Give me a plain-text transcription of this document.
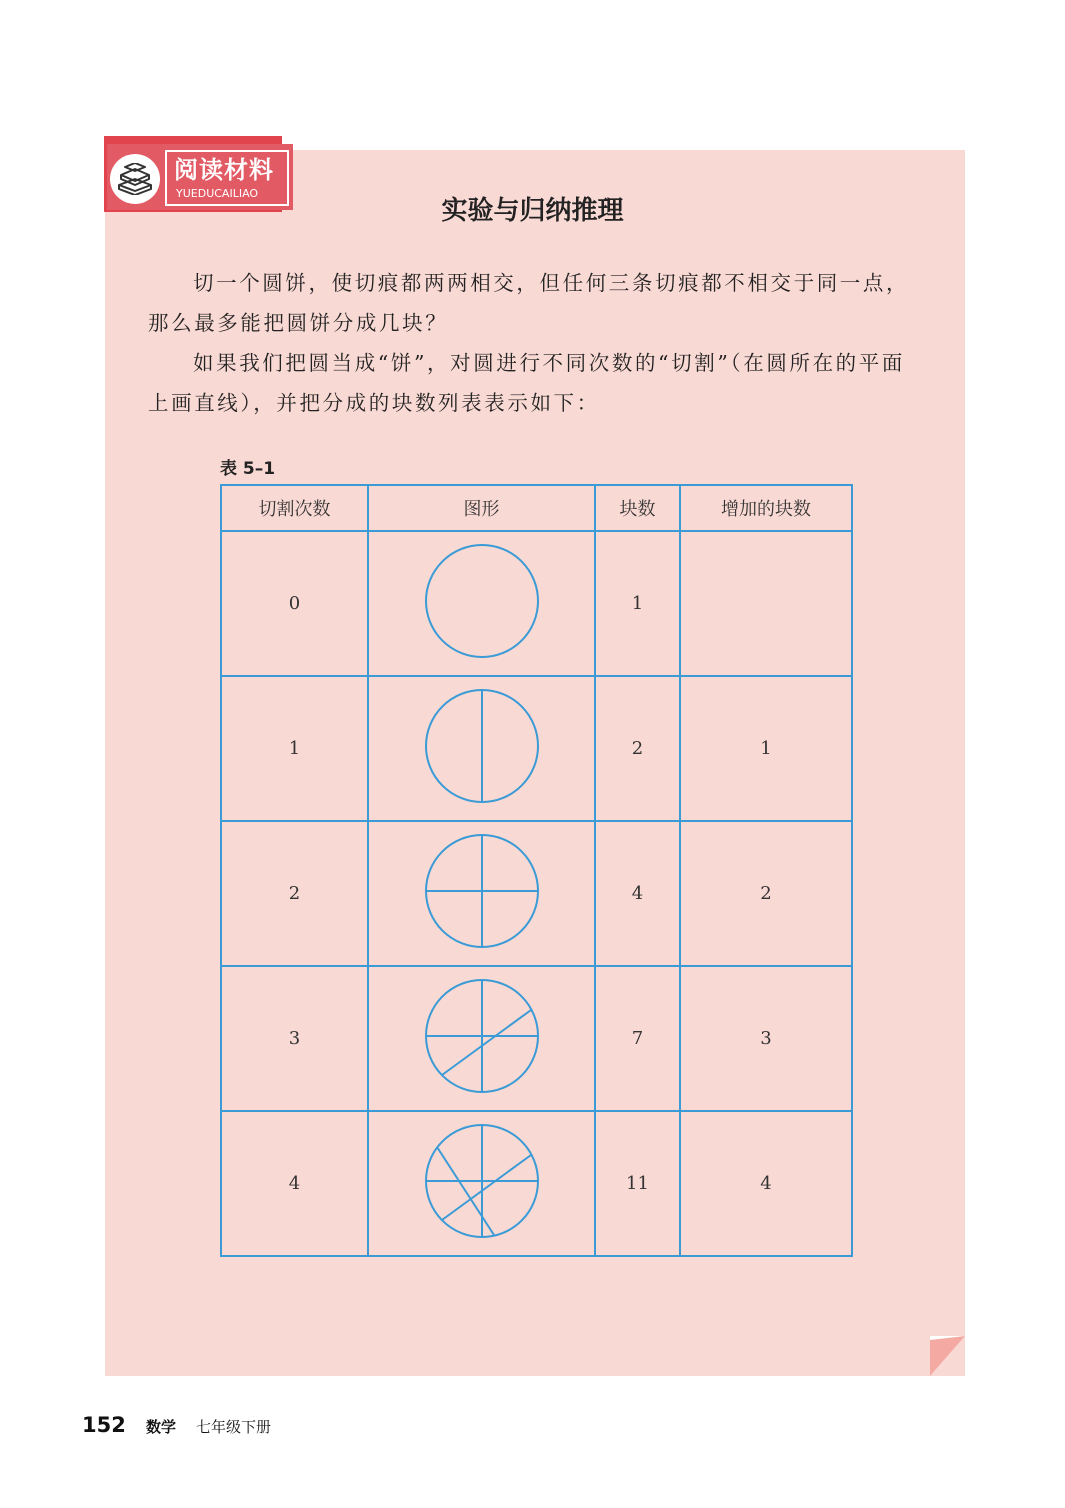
阅读材料
YUEDUCAILIAO
实验与归纳推理
切一个圆饼，使切痕都两两相交，但任何三条切痕都不相交于同一点，那么最多能把圆饼分成几块？
如果我们把圆当成“饼”，对圆进行不同次数的“切割”（在圆所在的平面上画直线），并把分成的块数列表表示如下：
表 5–1
切割次数	图形	块数	增加的块数
0		1	
1		2	1
2		4	2
3		7	3
4		11	4
152 数学 七年级下册
